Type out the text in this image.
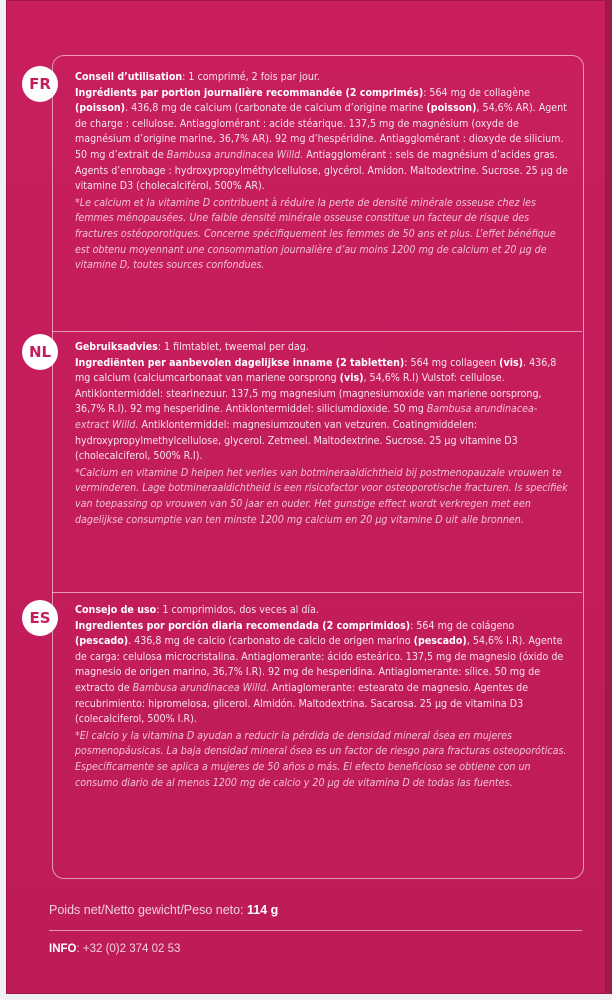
FR	Conseil d’utilisation: 1 comprimé, 2 fois par jour.

Ingrédients par portion journalière recommandée (2 comprimés): 564 mg de collagène (poisson). 436,8 mg de calcium (carbonate de calcium d’origine marine (poisson), 54,6% AR). Agent de charge : cellulose. Antiagglomérant : acide stéarique. 137,5 mg de magnésium (oxyde de magnésium d’origine marine, 36,7% AR). 92 mg d’hespéridine. Antiagglomérant : dioxyde de silicium. 50 mg d’extrait de Bambusa arundinacea Willd. Antiagglomérant : sels de magnésium d’acides gras. Agents d’enrobage : hydroxypropylméthylcellulose, glycérol. Amidon. Maltodextrine. Sucrose. 25 µg de vitamine D3 (cholecalciférol, 500% AR).

*Le calcium et la vitamine D contribuent à réduire la perte de densité minérale osseuse chez les femmes ménopausées. Une faible densité minérale osseuse constitue un facteur de risque des fractures ostéoporotiques. Concerne spécifiquement les femmes de 50 ans et plus. L’effet bénéfique est obtenu moyennant une consommation journalière d’au moins 1200 mg de calcium et 20 µg de vitamine D, toutes sources confondues.

NL	Gebruiksadvies: 1 filmtablet, tweemal per dag.

Ingrediënten per aanbevolen dagelijkse inname (2 tabletten): 564 mg collageen (vis). 436,8 mg calcium (calciumcarbonaat van mariene oorsprong (vis), 54,6% R.I) Vulstof: cellulose. Antiklontermiddel: stearinezuur. 137,5 mg magnesium (magnesiumoxide van mariene oorsprong, 36,7% R.I). 92 mg hesperidine. Antiklontermiddel: siliciumdioxide. 50 mg Bambusa arundinacea-extract Willd. Antiklontermiddel: magnesiumzouten van vetzuren. Coatingmiddelen: hydroxypropylmethylcellulose, glycerol. Zetmeel. Maltodextrine. Sucrose. 25 µg vitamine D3 (cholecalciferol, 500% R.I).

*Calcium en vitamine D helpen het verlies van botmineraaldichtheid bij postmenopauzale vrouwen te verminderen. Lage botmineraaldichtheid is een risicofactor voor osteoporotische fracturen. Is specifiek van toepassing op vrouwen van 50 jaar en ouder. Het gunstige effect wordt verkregen met een dagelijkse consumptie van ten minste 1200 mg calcium en 20 µg vitamine D uit alle bronnen.

ES	Consejo de uso: 1 comprimidos, dos veces al día.

Ingredientes por porción diaria recomendada (2 comprimidos): 564 mg de colágeno (pescado). 436,8 mg de calcio (carbonato de calcio de origen marino (pescado), 54,6% I.R). Agente de carga: celulosa microcristalina. Antiaglomerante: ácido esteárico. 137,5 mg de magnesio (óxido de magnesio de origen marino, 36,7% I.R). 92 mg de hesperidina. Antiaglomerante: sílice. 50 mg de extracto de Bambusa arundinacea Willd. Antiaglomerante: estearato de magnesio. Agentes de recubrimiento: hipromelosa, glicerol. Almidón. Maltodextrina. Sacarosa. 25 µg de vitamina D3 (colecalciferol, 500% I.R).

*El calcio y la vitamina D ayudan a reducir la pérdida de densidad mineral ósea en mujeres posmenopáusicas. La baja densidad mineral ósea es un factor de riesgo para fracturas osteoporóticas. Específicamente se aplica a mujeres de 50 años o más. El efecto beneficioso se obtiene con un consumo diario de al menos 1200 mg de calcio y 20 µg de vitamina D de todas las fuentes.

Poids net/Netto gewicht/Peso neto: 114 g
INFO: +32 (0)2 374 02 53
